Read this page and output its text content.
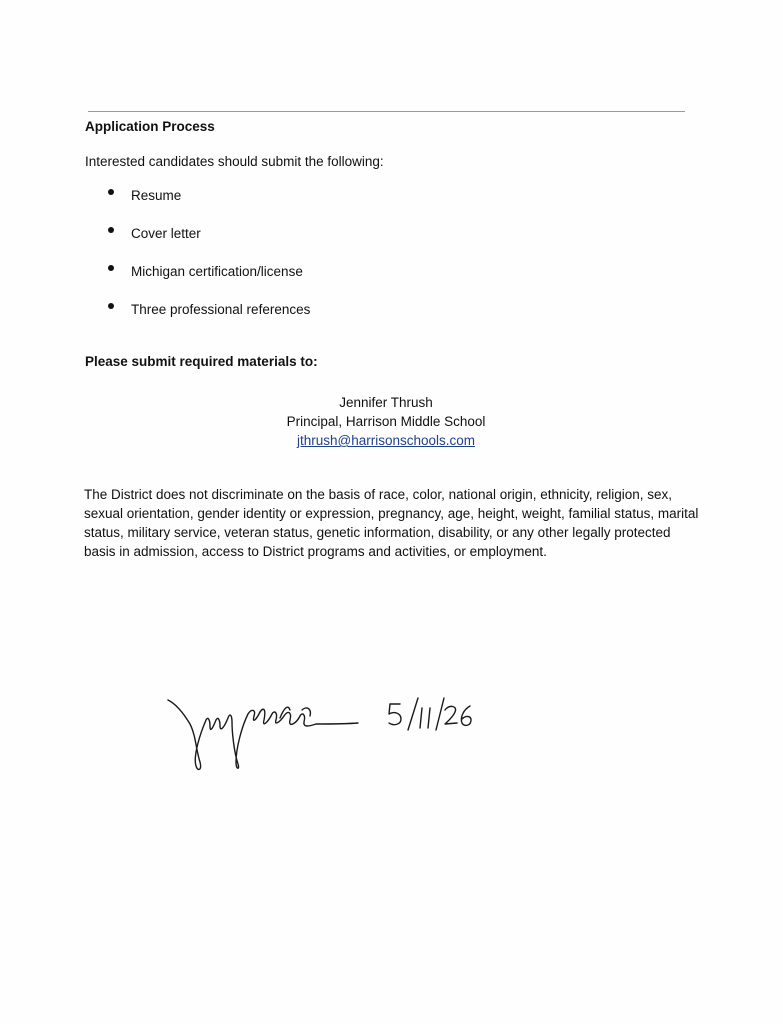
Application Process

Interested candidates should submit the following:

Resume
Cover letter
Michigan certification/license
Three professional references
Please submit required materials to:
Jennifer Thrush
Principal, Harrison Middle School
jthrush@harrisonschools.com

The District does not discriminate on the basis of race, color, national origin, ethnicity, religion, sex, sexual orientation, gender identity or expression, pregnancy, age, height, weight, familial status, marital status, military service, veteran status, genetic information, disability, or any other legally protected basis in admission, access to District programs and activities, or employment.
